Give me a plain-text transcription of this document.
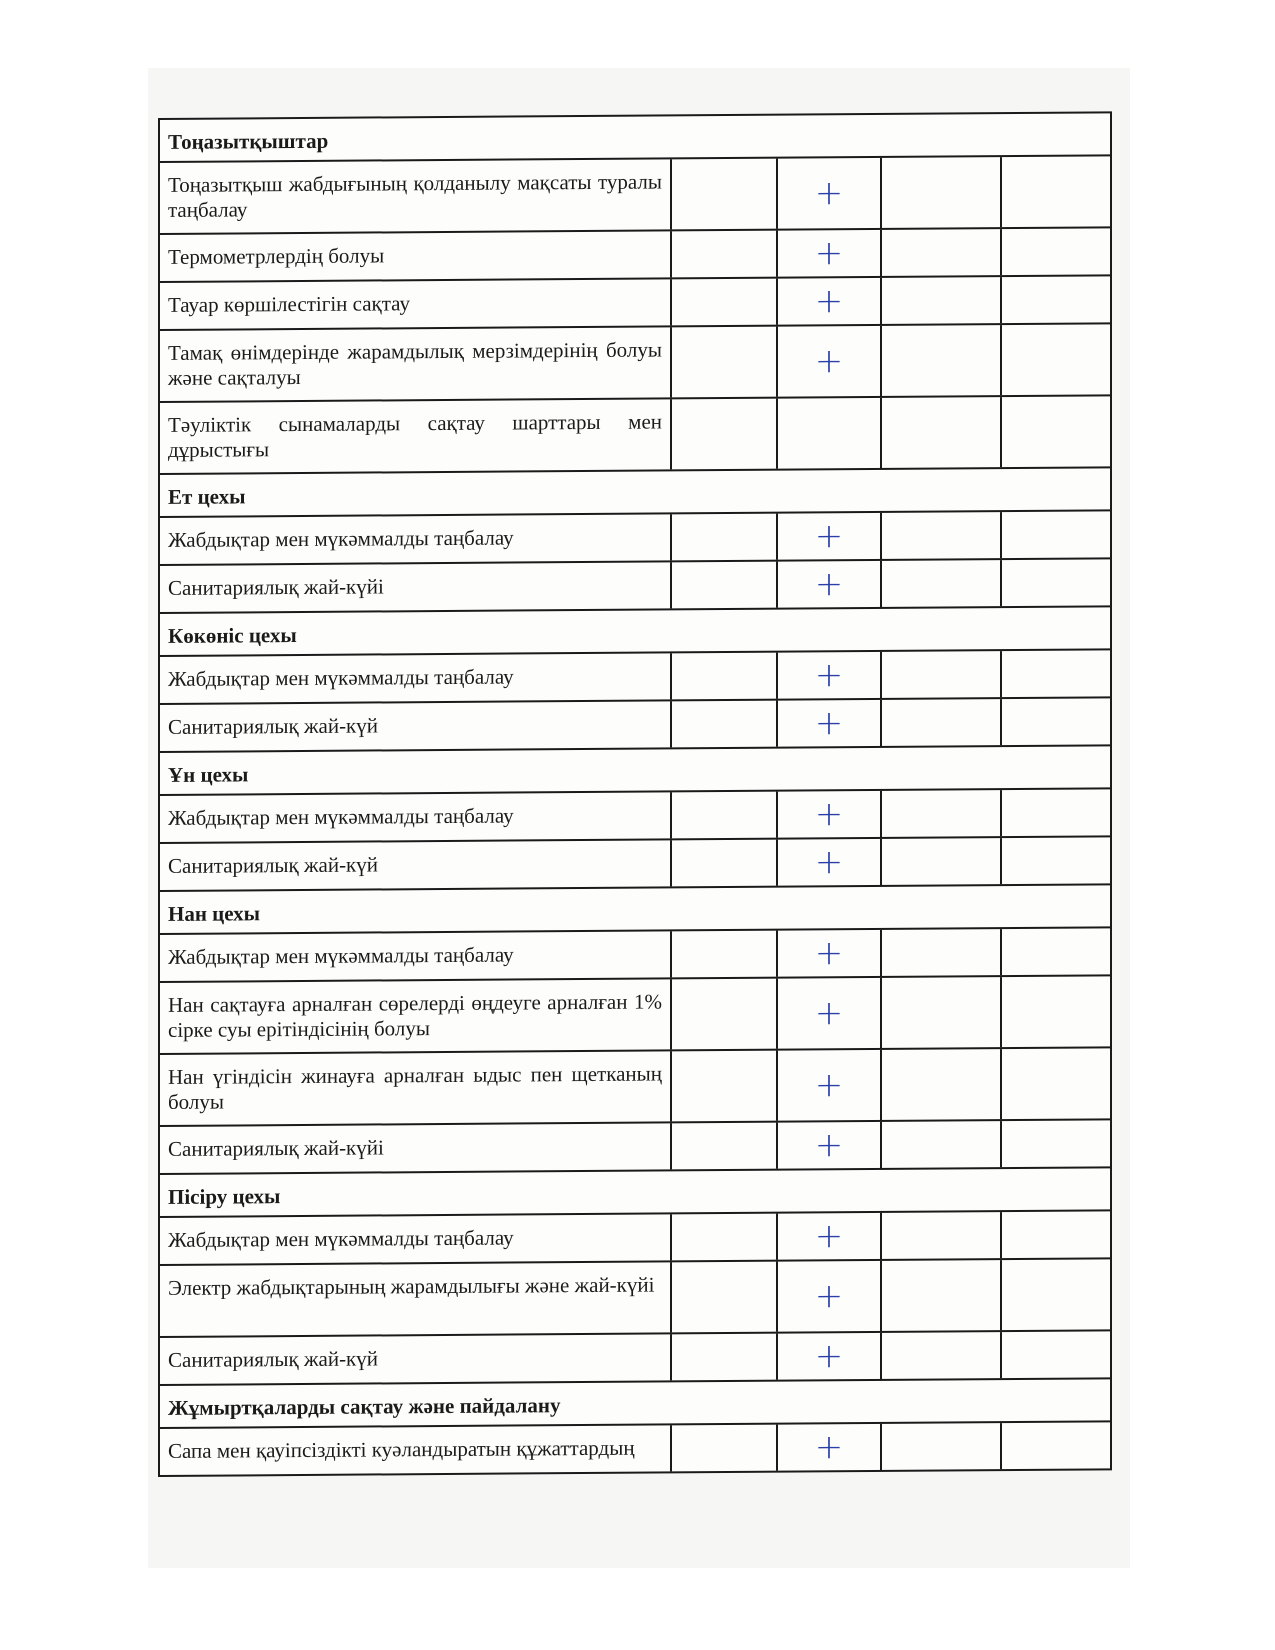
Тоңазытқыштар
Тоңазытқыш жабдығының қолданылу мақсаты туралы таңбалау	+
Термометрлердің болуы	+
Тауар көршілестігін сақтау	+
Тамақ өнімдерінде жарамдылық мерзімдерінің болуы және сақталуы	+
Тәуліктік сынамаларды сақтау шарттары мен дұрыстығы
Ет цехы
Жабдықтар мен мүкәммалды таңбалау	+
Санитариялық жай-күйі	+
Көкөніс цехы
Жабдықтар мен мүкәммалды таңбалау	+
Санитариялық жай-күй	+
Ұн цехы
Жабдықтар мен мүкәммалды таңбалау	+
Санитариялық жай-күй	+
Нан цехы
Жабдықтар мен мүкәммалды таңбалау	+
Нан сақтауға арналған сөрелерді өңдеуге арналған 1% сірке суы ерітіндісінің болуы	+
Нан үгіндісін жинауға арналған ыдыс пен щетканың болуы	+
Санитариялық жай-күйі	+
Пісіру цехы
Жабдықтар мен мүкәммалды таңбалау	+
Электр жабдықтарының жарамдылығы және жай-күйі	+
Санитариялық жай-күй	+
Жұмыртқаларды сақтау және пайдалану
Сапа мен қауіпсіздікті куәландыратын құжаттардың	+
